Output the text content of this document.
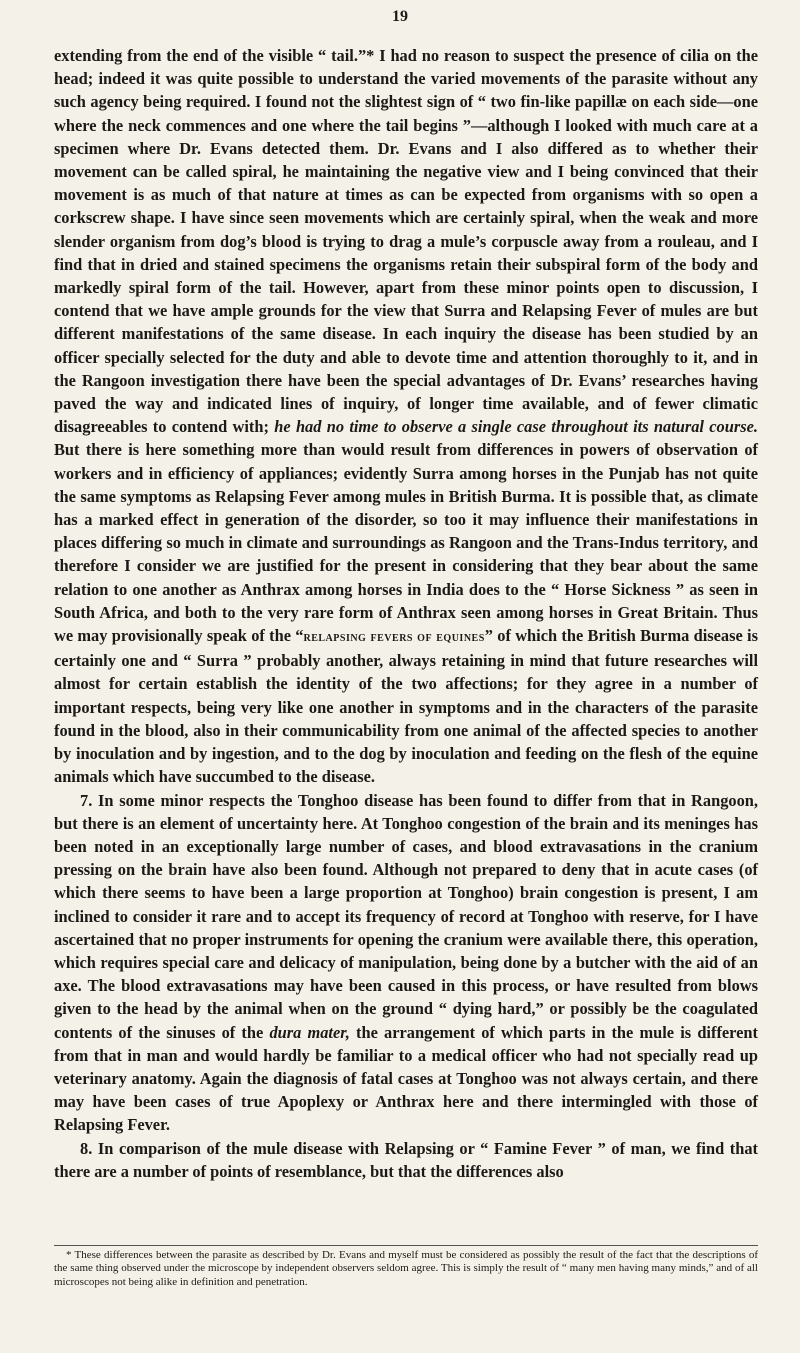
19

extending from the end of the visible “ tail.”* I had no reason to suspect the presence of cilia on the head; indeed it was quite possible to understand the varied movements of the parasite without any such agency being required. I found not the slightest sign of “ two fin-like papillæ on each side—one where the neck commences and one where the tail begins ”—although I looked with much care at a specimen where Dr. Evans detected them. Dr. Evans and I also differed as to whether their movement can be called spiral, he maintaining the negative view and I being convinced that their movement is as much of that nature at times as can be expected from organisms with so open a corkscrew shape. I have since seen movements which are certainly spiral, when the weak and more slender organism from dog’s blood is trying to drag a mule’s corpuscle away from a rouleau, and I find that in dried and stained specimens the organisms retain their subspiral form of the body and markedly spiral form of the tail. However, apart from these minor points open to discussion, I contend that we have ample grounds for the view that Surra and Relapsing Fever of mules are but different manifestations of the same disease. In each inquiry the disease has been studied by an officer specially selected for the duty and able to devote time and attention thoroughly to it, and in the Rangoon investigation there have been the special advantages of Dr. Evans’ researches having paved the way and indicated lines of inquiry, of longer time available, and of fewer climatic disagreeables to contend with; he had no time to observe a single case throughout its natural course. But there is here something more than would result from differences in powers of observation of workers and in efficiency of appliances; evidently Surra among horses in the Punjab has not quite the same symptoms as Relapsing Fever among mules in British Burma. It is possible that, as climate has a marked effect in generation of the disorder, so too it may influence their manifestations in places differing so much in climate and surroundings as Rangoon and the Trans-Indus territory, and therefore I consider we are justified for the present in considering that they bear about the same relation to one another as Anthrax among horses in India does to the “ Horse Sickness ” as seen in South Africa, and both to the very rare form of Anthrax seen among horses in Great Britain. Thus we may provisionally speak of the “relapsing fevers of equines” of which the British Burma disease is certainly one and “ Surra ” probably another, always retaining in mind that future researches will almost for certain establish the identity of the two affections; for they agree in a number of important respects, being very like one another in symptoms and in the characters of the parasite found in the blood, also in their communicability from one animal of the affected species to another by inoculation and by ingestion, and to the dog by inoculation and feeding on the flesh of the equine animals which have succumbed to the disease.

7. In some minor respects the Tonghoo disease has been found to differ from that in Rangoon, but there is an element of uncertainty here. At Tonghoo congestion of the brain and its meninges has been noted in an exceptionally large number of cases, and blood extravasations in the cranium pressing on the brain have also been found. Although not prepared to deny that in acute cases (of which there seems to have been a large proportion at Tonghoo) brain congestion is present, I am inclined to consider it rare and to accept its frequency of record at Tonghoo with reserve, for I have ascertained that no proper instruments for opening the cranium were available there, this operation, which requires special care and delicacy of manipulation, being done by a butcher with the aid of an axe. The blood extravasations may have been caused in this process, or have resulted from blows given to the head by the animal when on the ground “ dying hard,” or possibly be the coagulated contents of the sinuses of the dura mater, the arrangement of which parts in the mule is different from that in man and would hardly be familiar to a medical officer who had not specially read up veterinary anatomy. Again the diagnosis of fatal cases at Tonghoo was not always certain, and there may have been cases of true Apoplexy or Anthrax here and there intermingled with those of Relapsing Fever.

8. In comparison of the mule disease with Relapsing or “ Famine Fever ” of man, we find that there are a number of points of resemblance, but that the differences also

* These differences between the parasite as described by Dr. Evans and myself must be considered as possibly the result of the fact that the descriptions of the same thing observed under the microscope by independent observers seldom agree. This is simply the result of “ many men having many minds,” and of all microscopes not being alike in definition and penetration.
